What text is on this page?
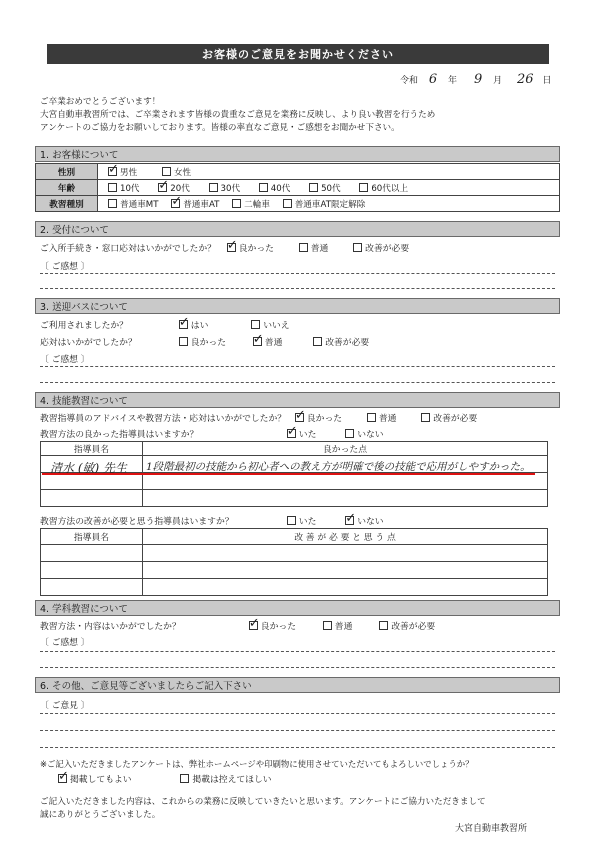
お客様のご意見をお聞かせください
令和 6 年 9 月 26 日
ご卒業おめでとうございます！
大宮自動車教習所では、ご卒業されます皆様の貴重なご意見を業務に反映し、より良い教習を行うため
アンケートのご協力をお願いしております。皆様の率直なご意見・ご感想をお聞かせ下さい。
1. お客様について
性別	✓男性 女性
年齢	10代 ✓ 20代 30代 40代 50代 60代以上
教習種別	普通車MT ✓ 普通車AT 二輪車 普通車AT限定解除
2. 受付について
ご入所手続き・窓口応対はいかがでしたか？ ✓	良かった	普通	改善が必要
〔 ご感想 〕
3. 送迎バスについて
ご利用されましたか？ ✓	はい	いいえ
応対はいかがでしたか？	良かった ✓	普通	改善が必要
〔 ご感想 〕
4. 技能教習について
教習指導員のアドバイスや教習方法・応対はいかがでしたか？ ✓ 良かった	普通	改善が必要
教習方法の良かった指導員はいますか？ ✓	いた	いない
指導員名	良かった点

清水 (敏) 先生 1段階最初の技能から初心者への教え方が明確で後の技能で応用がしやすかった。
教習方法の改善が必要と思う指導員はいますか？	いた ✓	いない
指導員名	改 善 が 必 要 と 思 う 点

4. 学科教習について
教習方法・内容はいかがでしたか？ ✓	良かった	普通	改善が必要
〔 ご感想 〕
6. その他、ご意見等ございましたらご記入下さい
〔 ご意見 〕
※ご記入いただきましたアンケートは、弊社ホームページや印刷物に使用させていただいてもよろしいでしょうか？
✓掲載してもよい	掲載は控えてほしい
ご記入いただきました内容は、これからの業務に反映していきたいと思います。アンケートにご協力いただきまして
誠にありがとうございました。
大宮自動車教習所
